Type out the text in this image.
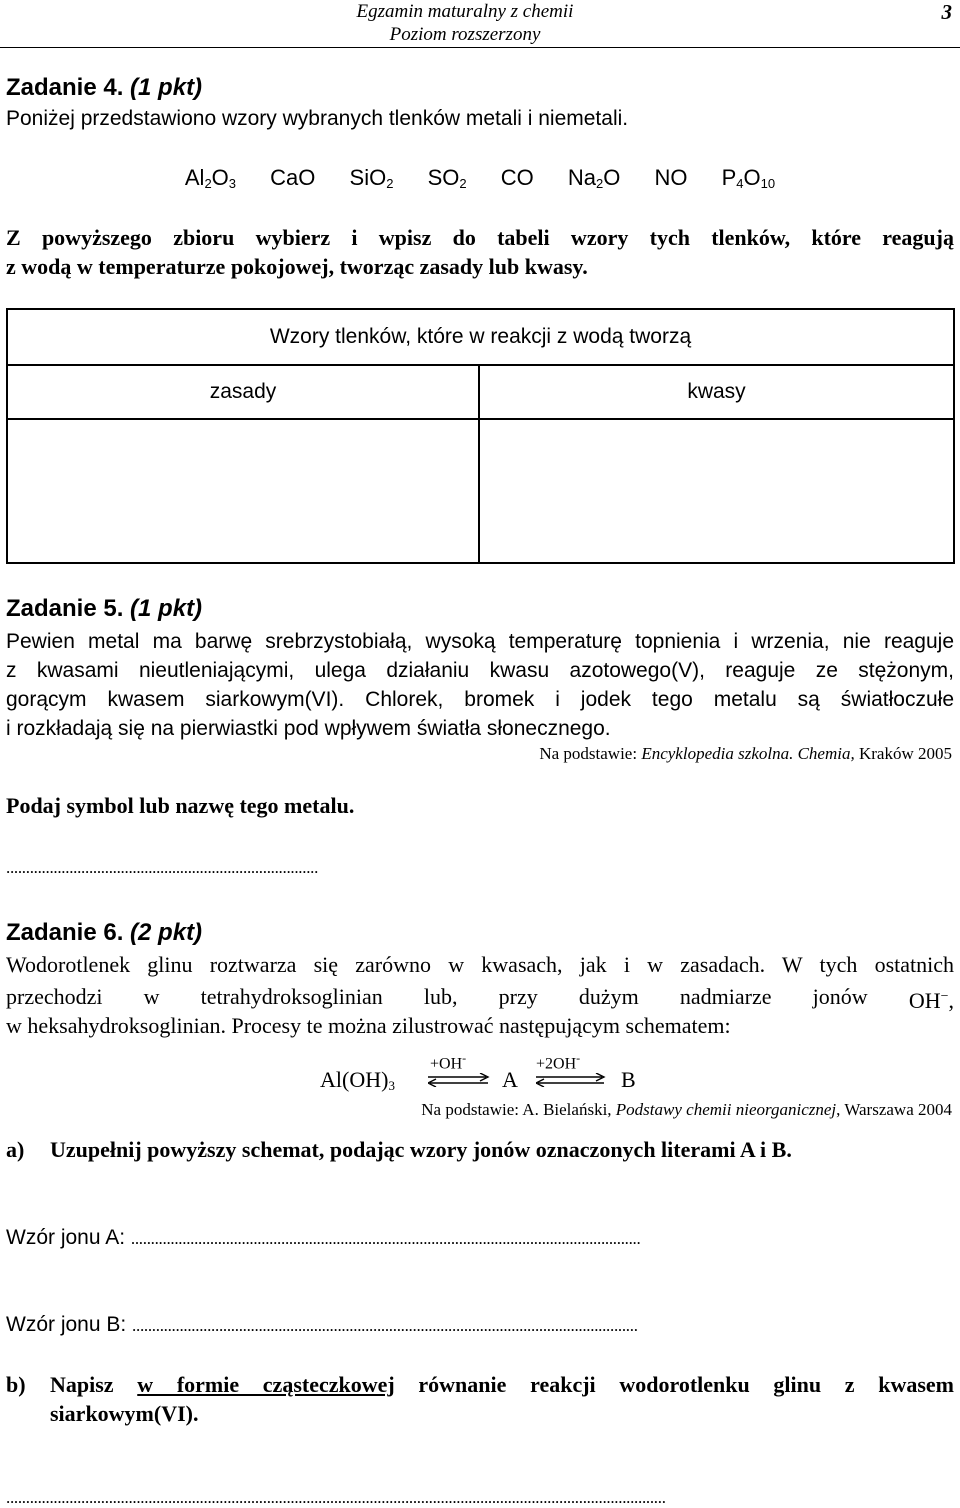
Egzamin maturalny z chemii
Poziom rozszerzony
3
Zadanie 4. (1 pkt)
Poniżej przedstawiono wzory wybranych tlenków metali i niemetali.
$Al_2O_3$ CaO SiO$_2$ $SO_2$ CO $Na_2O$ NO $P_4O_{10}$
Z powyższego zbioru wybierz i wpisz do tabeli wzory tych tlenków, które reagują
z wodą w temperaturze pokojowej, tworząc zasady lub kwasy.
Wzory tlenków, które w reakcji z wodą tworzą	
zasady	kwasy

Zadanie 5. (1 pkt)
Pewien metal ma barwę srebrzystobiałą, wysoką temperaturę topnienia i wrzenia, nie reaguje
z kwasami nieutleniającymi, ulega działaniu kwasu azotowego(V), reaguje ze stężonym,
gorącym kwasem siarkowym(VI). Chlorek, bromek i jodek tego metalu są światłoczułe
i rozkładają się na pierwiastki pod wpływem światła słonecznego.
Na podstawie: Encyklopedia szkolna. Chemia, Kraków 2005
Podaj symbol lub nazwę tego metalu.
...............................................................................
Zadanie 6. (2 pkt)
Wodorotlenek glinu roztwarza się zarówno w kwasach, jak i w zasadach. W tych ostatnich
przechodzi w tetrahydroksoglinian lub, przy dużym nadmiarze jonów OH−,
w heksahydroksoglinian. Procesy te można zilustrować następującym schematem:
$Al(OH)_3$
+OH-
⇌ A
+2OH-
⇌ B
Na podstawie: A. Bielański, Podstawy chemii nieorganicznej, Warszawa 2004
a) Uzupełnij powyższy schemat, podając wzory jonów oznaczonych literami A i B.
Wzór jonu A: .................................................................................................................................
Wzór jonu B: ................................................................................................................................
b) Napisz w formie cząsteczkowej równanie reakcji wodorotlenku glinu z kwasem
siarkowym(VI).
.......................................................................................................................................................................
